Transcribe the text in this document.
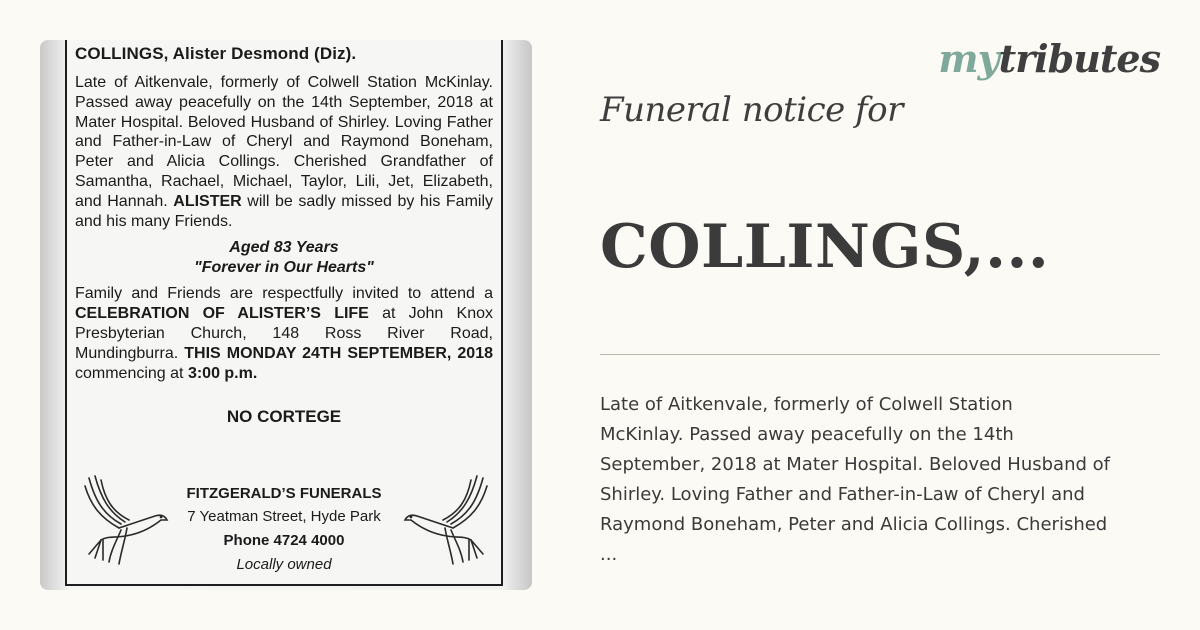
COLLINGS, Alister Desmond (Diz).

Late of Aitkenvale, formerly of Colwell Station McKinlay. Passed away peacefully on the 14th September, 2018 at Mater Hospital. Beloved Husband of Shirley. Loving Father and Father-in-Law of Cheryl and Raymond Boneham, Peter and Alicia Collings. Cherished Grandfather of Samantha, Rachael, Michael, Taylor, Lili, Jet, Elizabeth, and Hannah. ALISTER will be sadly missed by his Family and his many Friends.

Aged 83 Years
"Forever in Our Hearts"

Family and Friends are respectfully invited to attend a CELEBRATION OF ALISTER’S LIFE at John Knox Presbyterian Church, 148 Ross River Road, Mundingburra. THIS MONDAY 24TH SEPTEMBER, 2018 commencing at 3:00 p.m.

NO CORTEGE
FITZGERALD’S FUNERALS
7 Yeatman Street, Hyde Park
Phone 4724 4000
Locally owned
mytributes
Funeral notice for
COLLINGS,...
Late of Aitkenvale, formerly of Colwell Station
McKinlay. Passed away peacefully on the 14th
September, 2018 at Mater Hospital. Beloved Husband of
Shirley. Loving Father and Father-in-Law of Cheryl and
Raymond Boneham, Peter and Alicia Collings. Cherished
...
